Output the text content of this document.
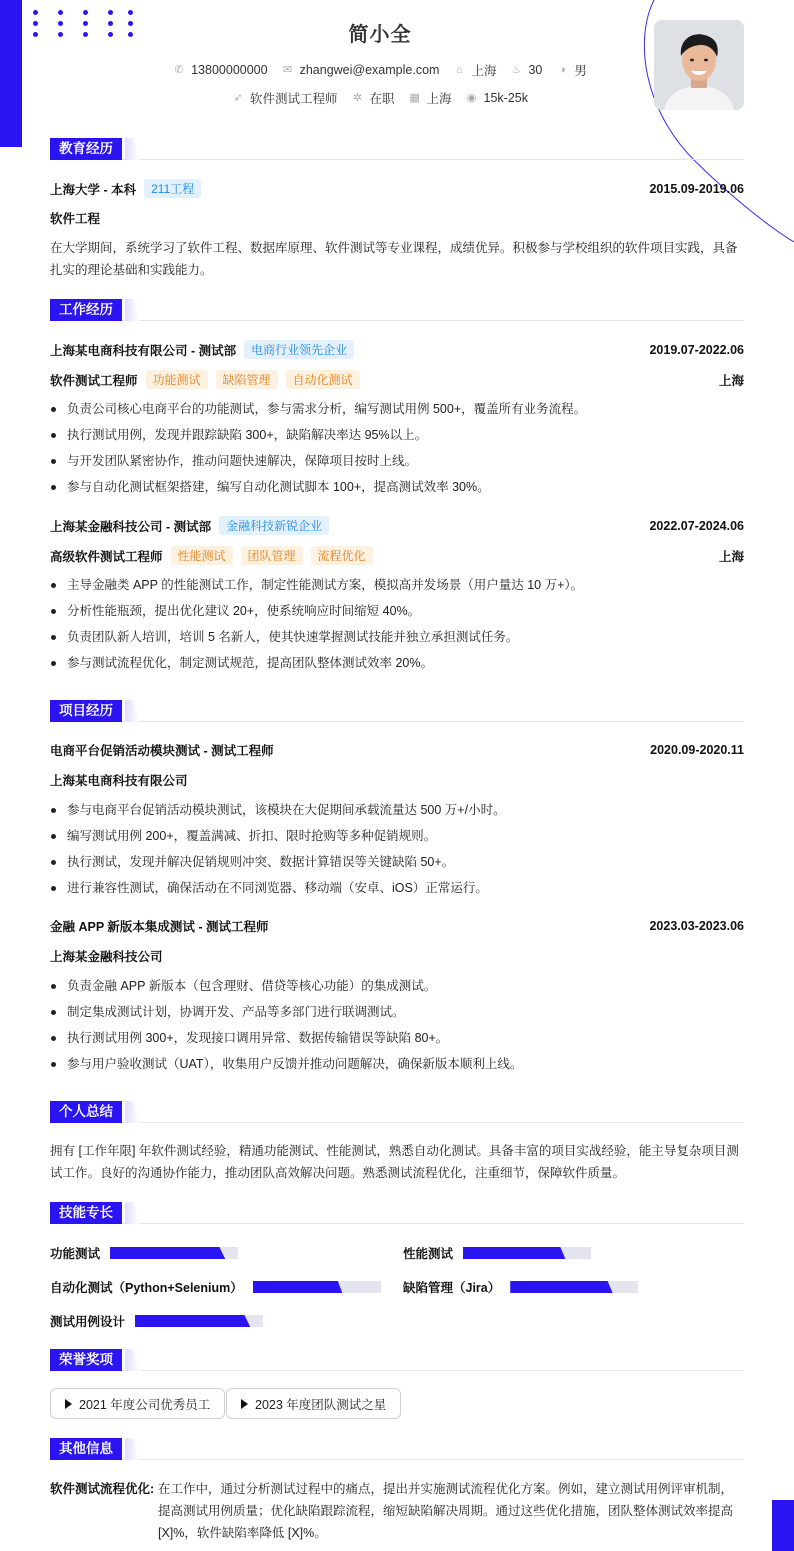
简小全
✆ 13800000000 ✉ zhangwei@example.com ⌂ 上海 ♨ 30 ◑ 男
➶ 软件测试工程师 ✲ 在职 ▦ 上海 ◉ 15k-25k
教育经历
上海大学 - 本科	211工程	2015.09-2019.06
软件工程
在大学期间，系统学习了软件工程、数据库原理、软件测试等专业课程，成绩优异。积极参与学校组织的软件项目实践，具备扎实的理论基础和实践能力。
工作经历
上海某电商科技有限公司 - 测试部	电商行业领先企业	2019.07-2022.06
软件测试工程师	功能测试	缺陷管理	自动化测试	上海
负责公司核心电商平台的功能测试，参与需求分析，编写测试用例 500+，覆盖所有业务流程。
执行测试用例，发现并跟踪缺陷 300+，缺陷解决率达 95%以上。
与开发团队紧密协作，推动问题快速解决，保障项目按时上线。
参与自动化测试框架搭建，编写自动化测试脚本 100+，提高测试效率 30%。
上海某金融科技公司 - 测试部	金融科技新锐企业	2022.07-2024.06
高级软件测试工程师	性能测试	团队管理	流程优化	上海
主导金融类 APP 的性能测试工作，制定性能测试方案，模拟高并发场景（用户量达 10 万+）。
分析性能瓶颈，提出优化建议 20+，使系统响应时间缩短 40%。
负责团队新人培训，培训 5 名新人，使其快速掌握测试技能并独立承担测试任务。
参与测试流程优化，制定测试规范，提高团队整体测试效率 20%。
项目经历
电商平台促销活动模块测试 - 测试工程师	2020.09-2020.11
上海某电商科技有限公司
参与电商平台促销活动模块测试，该模块在大促期间承载流量达 500 万+/小时。
编写测试用例 200+，覆盖满减、折扣、限时抢购等多种促销规则。
执行测试，发现并解决促销规则冲突、数据计算错误等关键缺陷 50+。
进行兼容性测试，确保活动在不同浏览器、移动端（安卓、iOS）正常运行。
金融 APP 新版本集成测试 - 测试工程师	2023.03-2023.06
上海某金融科技公司
负责金融 APP 新版本（包含理财、借贷等核心功能）的集成测试。
制定集成测试计划，协调开发、产品等多部门进行联调测试。
执行测试用例 300+，发现接口调用异常、数据传输错误等缺陷 80+。
参与用户验收测试（UAT），收集用户反馈并推动问题解决，确保新版本顺利上线。
个人总结
拥有 [工作年限] 年软件测试经验，精通功能测试、性能测试，熟悉自动化测试。具备丰富的项目实战经验，能主导复杂项目测试工作。良好的沟通协作能力，推动团队高效解决问题。熟悉测试流程优化，注重细节，保障软件质量。
技能专长
功能测试	性能测试
自动化测试（Python+Selenium）	缺陷管理（Jira）
测试用例设计
荣誉奖项
2021 年度公司优秀员工	2023 年度团队测试之星
其他信息
软件测试流程优化: 在工作中，通过分析测试过程中的痛点，提出并实施测试流程优化方案。例如，建立测试用例评审机制，提高测试用例质量；优化缺陷跟踪流程，缩短缺陷解决周期。通过这些优化措施，团队整体测试效率提高 [X]%，软件缺陷率降低 [X]%。
